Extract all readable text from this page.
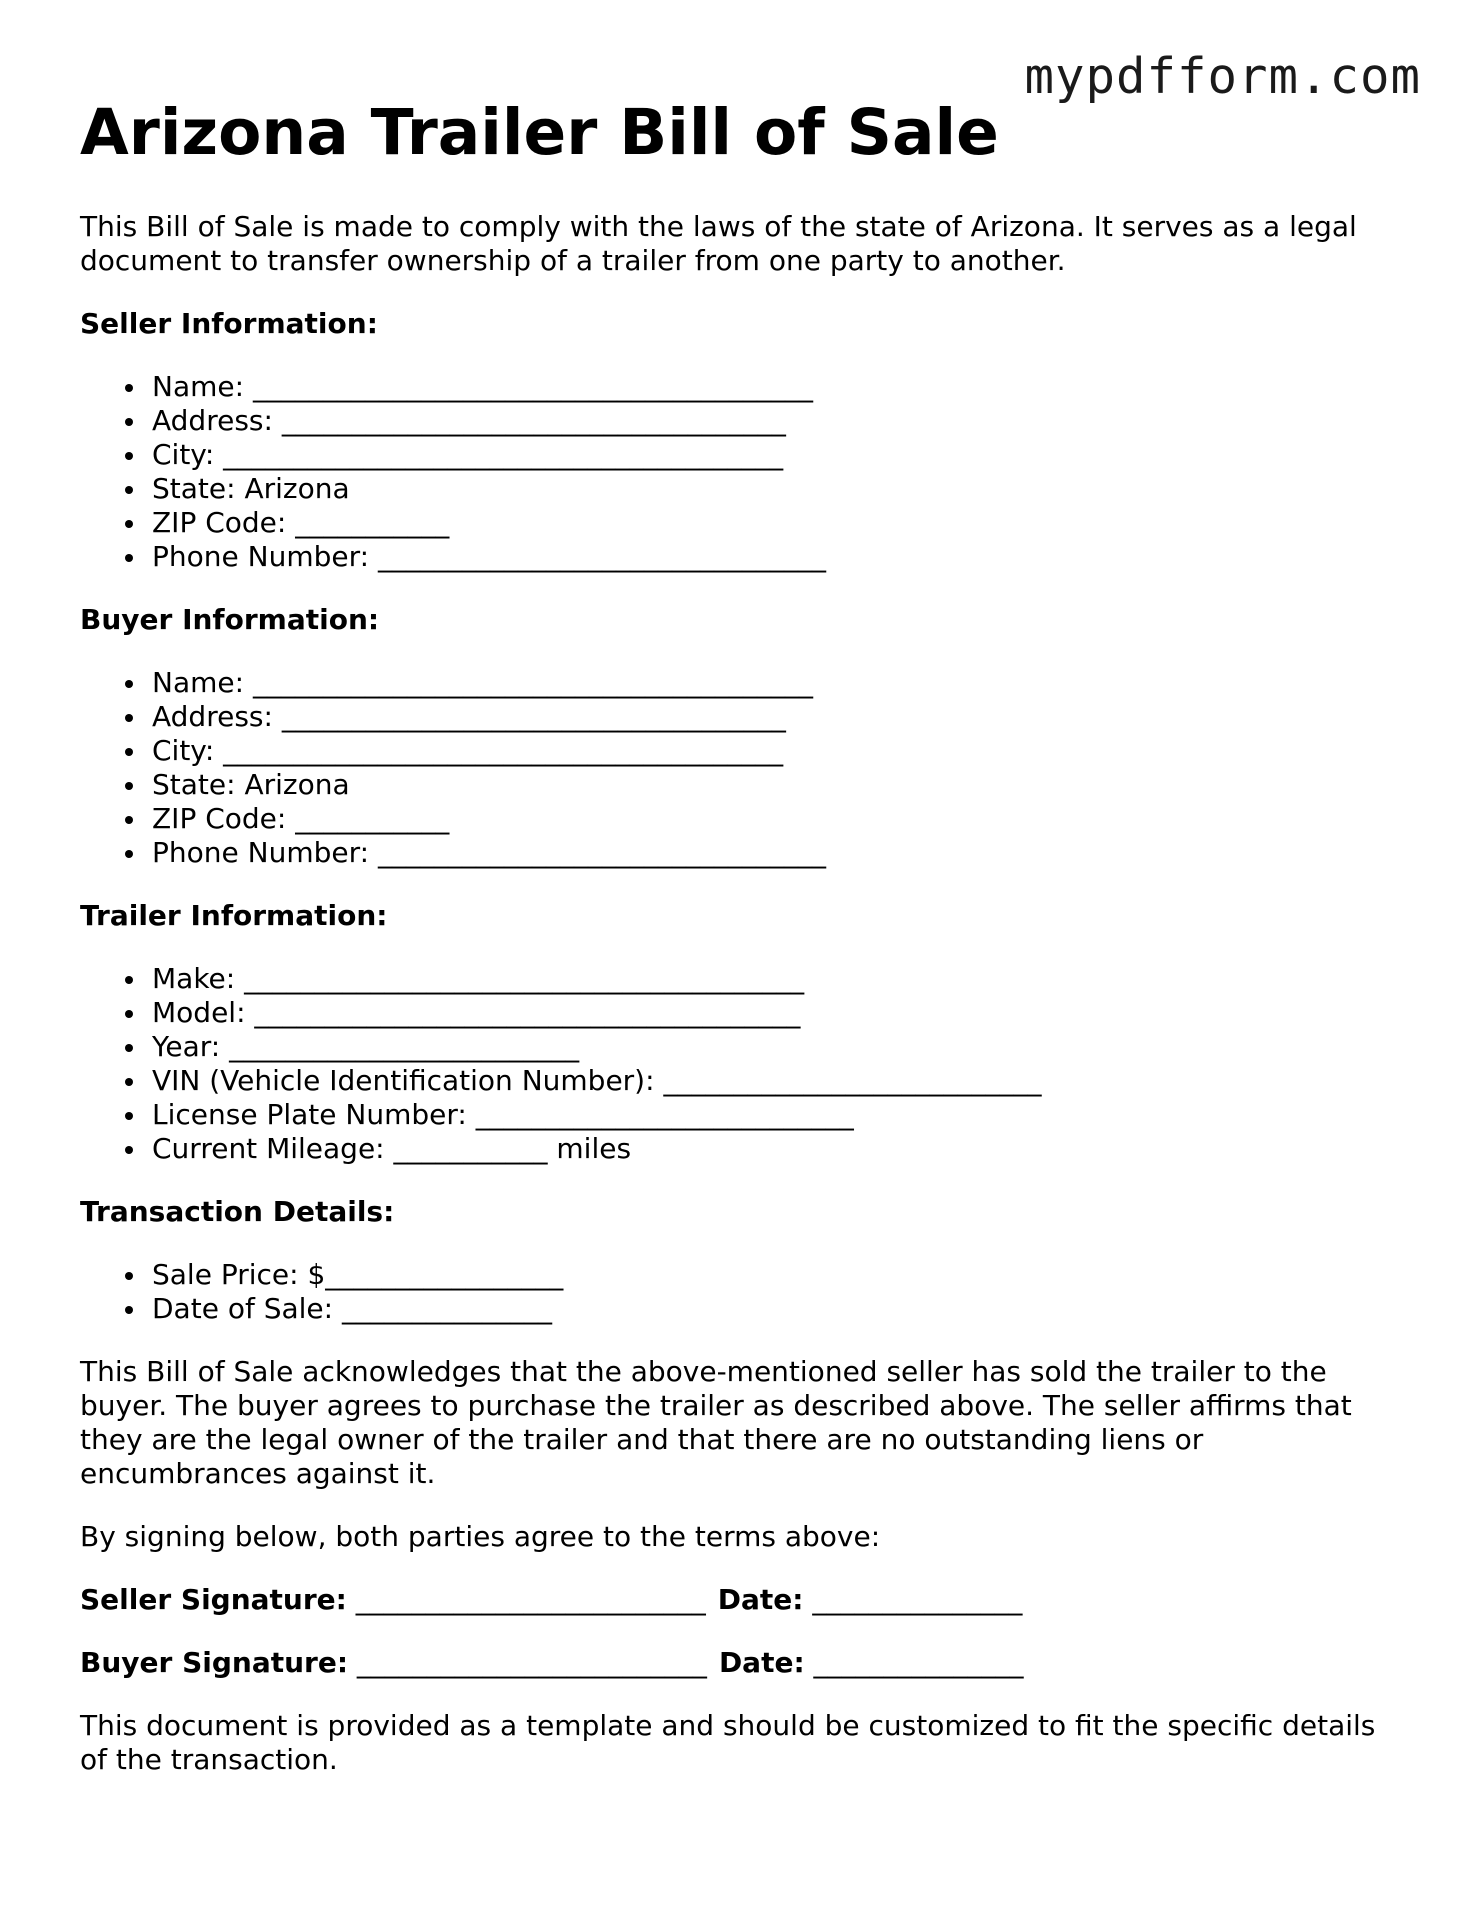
mypdfform.com
Arizona Trailer Bill of Sale

This Bill of Sale is made to comply with the laws of the state of Arizona. It serves as a legal document to transfer ownership of a trailer from one party to another.

Seller Information:
Name: ________________________________________
Address: ____________________________________
City: ________________________________________
State: Arizona
ZIP Code: ___________
Phone Number: ________________________________
Buyer Information:
Name: ________________________________________
Address: ____________________________________
City: ________________________________________
State: Arizona
ZIP Code: ___________
Phone Number: ________________________________
Trailer Information:
Make: ________________________________________
Model: _______________________________________
Year: _________________________
VIN (Vehicle Identification Number): ___________________________
License Plate Number: ___________________________
Current Mileage: ___________ miles
Transaction Details:
Sale Price: $_________________
Date of Sale: _______________

This Bill of Sale acknowledges that the above-mentioned seller has sold the trailer to the buyer. The buyer agrees to purchase the trailer as described above. The seller affirms that they are the legal owner of the trailer and that there are no outstanding liens or encumbrances against it.

By signing below, both parties agree to the terms above:

Seller Signature: _________________________ Date: _______________
Buyer Signature: _________________________ Date: _______________

This document is provided as a template and should be customized to fit the specific details of the transaction.
